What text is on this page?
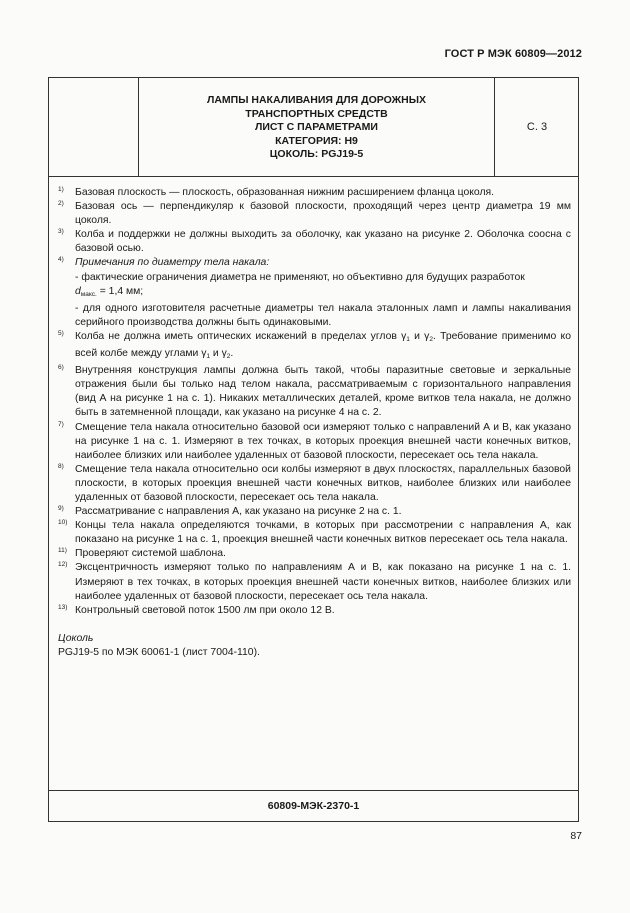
ГОСТ Р МЭК 60809—2012
ЛАМПЫ НАКАЛИВАНИЯ ДЛЯ ДОРОЖНЫХ
ТРАНСПОРТНЫХ СРЕДСТВ
ЛИСТ С ПАРАМЕТРАМИ
КАТЕГОРИЯ: Н9
ЦОКОЛЬ: PGJ19-5
С. 3
1) Базовая плоскость — плоскость, образованная нижним расширением фланца цоколя.
2) Базовая ось — перпендикуляр к базовой плоскости, проходящий через центр диаметра 19 мм цоколя.
3) Колба и поддержки не должны выходить за оболочку, как указано на рисунке 2. Оболочка соосна с базовой осью.
4) Примечания по диаметру тела накала:
- фактические ограничения диаметра не применяют, но объективно для будущих разработок
$d_{макс.} = 1,4$ мм;
- для одного изготовителя расчетные диаметры тел накала эталонных ламп и лампы накаливания серийного производства должны быть одинаковыми.
5) Колба не должна иметь оптических искажений в пределах углов $\gamma_1$ и $\gamma_2$. Требование применимо ко всей колбе между углами $\gamma_1$ и $\gamma_2$.
6) Внутренняя конструкция лампы должна быть такой, чтобы паразитные световые и зеркальные отражения были бы только над телом накала, рассматриваемым с горизонтального направления (вид А на рисунке 1 на с. 1). Никаких металлических деталей, кроме витков тела накала, не должно быть в затемненной площади, как указано на рисунке 4 на с. 2.
7) Смещение тела накала относительно базовой оси измеряют только с направлений А и В, как указано на рисунке 1 на с. 1. Измеряют в тех точках, в которых проекция внешней части конечных витков, наиболее близких или наиболее удаленных от базовой плоскости, пересекает ось тела накала.
8) Смещение тела накала относительно оси колбы измеряют в двух плоскостях, параллельных базовой плоскости, в которых проекция внешней части конечных витков, наиболее близких или наиболее удаленных от базовой плоскости, пересекает ось тела накала.
9) Рассматривание с направления А, как указано на рисунке 2 на с. 1.
10) Концы тела накала определяются точками, в которых при рассмотрении с направления А, как показано на рисунке 1 на с. 1, проекция внешней части конечных витков пересекает ось тела накала.
11) Проверяют системой шаблона.
12) Эксцентричность измеряют только по направлениям А и В, как показано на рисунке 1 на с. 1. Измеряют в тех точках, в которых проекция внешней части конечных витков, наиболее близких или наиболее удаленных от базовой плоскости, пересекает ось тела накала.
13) Контрольный световой поток 1500 лм при около 12 В.
Цоколь
PGJ19-5 по МЭК 60061-1 (лист 7004-110).
60809-МЭК-2370-1
87
